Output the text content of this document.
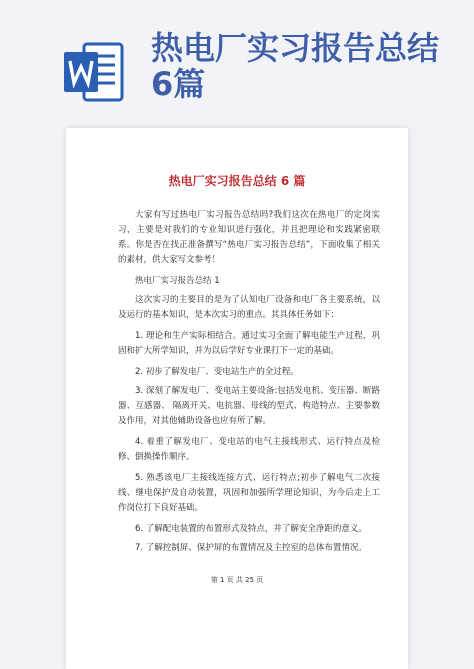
热电厂实习报告总结6篇
热电厂实习报告总结 6 篇

大家有写过热电厂实习报告总结吗?我们这次在热电厂的定岗实习，主要是对我们的专业知识进行强化，并且把理论和实践紧密联系。你是否在找正准备撰写“热电厂实习报告总结”，下面收集了相关的素材，供大家写文参考！

热电厂实习报告总结 1

这次实习的主要目的是为了认知电厂设备和电厂各主要系统，以及运行的基本知识，是本次实习的重点。其具体任务如下：

1. 理论和生产实际相结合。通过实习全面了解电能生产过程，巩固和扩大所学知识，并为以后学好专业课打下一定的基础。

2. 初步了解发电厂、变电站生产的全过程。

3. 深刻了解发电厂、变电站主要设备:包括发电机、变压器、断路器、互感器、 隔离开关、电抗器、母线的型式、构造特点、主要参数及作用，对其他辅助设备也应有所了解。

4. 着重了解发电厂、变电站的电气主接线形式、运行特点及检修、倒换操作顺序。

5. 熟悉该电厂主接线连接方式、运行特点;初步了解电气二次接线、继电保护及自动装置，巩固和加强所学理论知识，为今后走上工作岗位打下良好基础。

6. 了解配电装置的布置形式及特点，并了解安全净距的意义。

7. 了解控制屏、保护屏的布置情况及主控室的总体布置情况。

第 1 页 共 25 页
